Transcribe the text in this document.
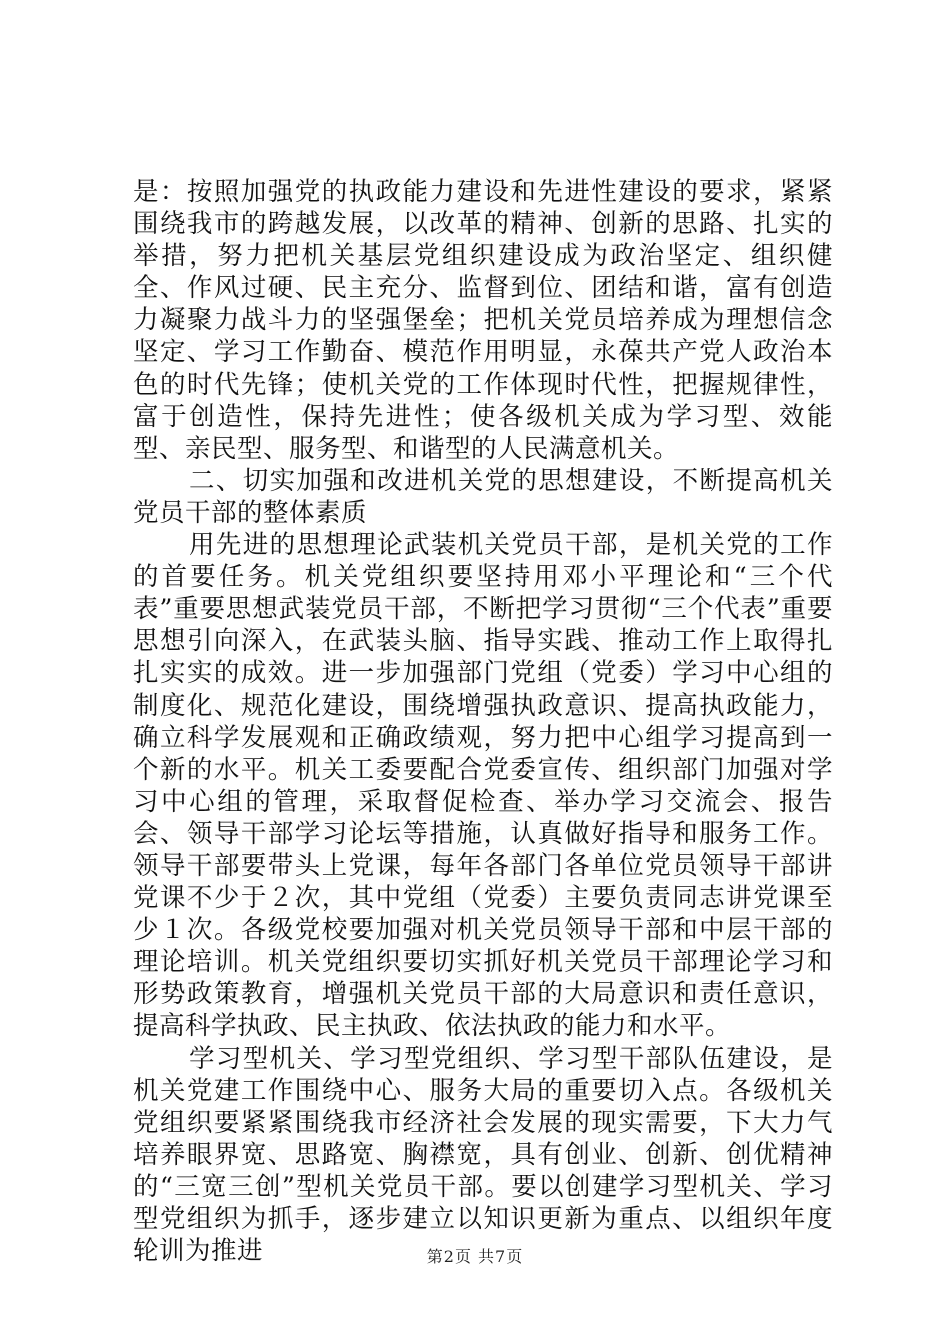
是：按照加强党的执政能力建设和先进性建设的要求，紧紧围绕我市的跨越发展，以改革的精神、创新的思路、扎实的举措，努力把机关基层党组织建设成为政治坚定、组织健全、作风过硬、民主充分、监督到位、团结和谐，富有创造力凝聚力战斗力的坚强堡垒；把机关党员培养成为理想信念坚定、学习工作勤奋、模范作用明显，永葆共产党人政治本色的时代先锋；使机关党的工作体现时代性，把握规律性，富于创造性，保持先进性；使各级机关成为学习型、效能型、亲民型、服务型、和谐型的人民满意机关。

二、切实加强和改进机关党的思想建设，不断提高机关党员干部的整体素质

用先进的思想理论武装机关党员干部，是机关党的工作的首要任务。机关党组织要坚持用邓小平理论和“三个代表”重要思想武装党员干部，不断把学习贯彻“三个代表”重要思想引向深入，在武装头脑、指导实践、推动工作上取得扎扎实实的成效。进一步加强部门党组（党委）学习中心组的制度化、规范化建设，围绕增强执政意识、提高执政能力，确立科学发展观和正确政绩观，努力把中心组学习提高到一个新的水平。机关工委要配合党委宣传、组织部门加强对学习中心组的管理，采取督促检查、举办学习交流会、报告会、领导干部学习论坛等措施，认真做好指导和服务工作。领导干部要带头上党课，每年各部门各单位党员领导干部讲党课不少于２次，其中党组（党委）主要负责同志讲党课至少１次。各级党校要加强对机关党员领导干部和中层干部的理论培训。机关党组织要切实抓好机关党员干部理论学习和形势政策教育，增强机关党员干部的大局意识和责任意识，提高科学执政、民主执政、依法执政的能力和水平。

学习型机关、学习型党组织、学习型干部队伍建设，是机关党建工作围绕中心、服务大局的重要切入点。各级机关党组织要紧紧围绕我市经济社会发展的现实需要，下大力气培养眼界宽、思路宽、胸襟宽，具有创业、创新、创优精神的“三宽三创”型机关党员干部。要以创建学习型机关、学习型党组织为抓手，逐步建立以知识更新为重点、以组织年度轮训为推进	第2页 共7页
